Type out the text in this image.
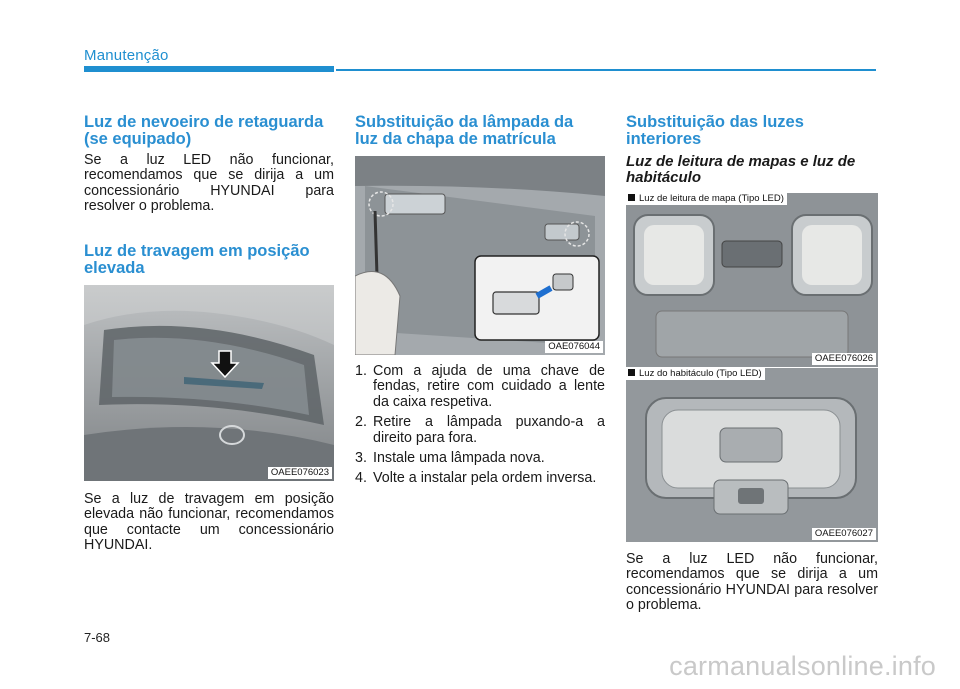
Manutenção
Luz de nevoeiro de retaguarda
(se equipado)

Se a luz LED não funcionar, recomendamos que se dirija a um concessionário HYUNDAI para resolver o problema.

Luz de travagem em posição
elevada
OAEE076023

Se a luz de travagem em posição elevada não funcionar, recomendamos que contacte um concessionário HYUNDAI.

Substituição da lâmpada da
luz da chapa de matrícula
OAE076044
1. Com a ajuda de uma chave de fendas, retire com cuidado a lente da caixa respetiva.
2. Retire a lâmpada puxando-a a direito para fora.
3. Instale uma lâmpada nova.
4. Volte a instalar pela ordem inversa.
Substituição das luzes
interiores
Luz de leitura de mapas e luz de
habitáculo
Luz de leitura de mapa (Tipo LED)
OAEE076026
Luz do habitáculo (Tipo LED)
OAEE076027

Se a luz LED não funcionar, recomendamos que se dirija a um concessionário HYUNDAI para resolver o problema.

7-68
carmanualsonline.info
